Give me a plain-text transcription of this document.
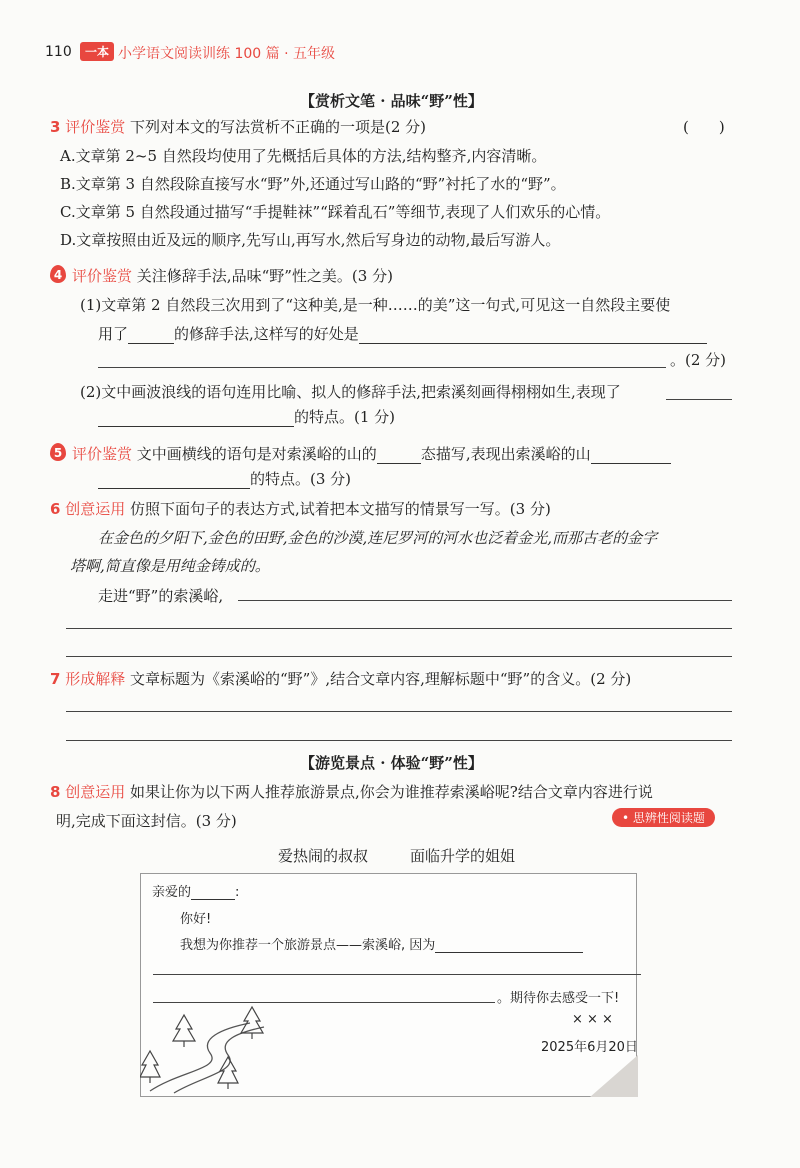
110	一本 小学语文阅读训练 100 篇 · 五年级
【赏析文笔 · 品味“野”性】
3 评价鉴赏 下列对本文的写法赏析不正确的一项是(2 分)	(　　)
A.文章第 2~5 自然段均使用了先概括后具体的方法,结构整齐,内容清晰。
B.文章第 3 自然段除直接写水“野”外,还通过写山路的“野”衬托了水的“野”。
C.文章第 5 自然段通过描写“手提鞋袜”“踩着乱石”等细节,表现了人们欢乐的心情。
D.文章按照由近及远的顺序,先写山,再写水,然后写身边的动物,最后写游人。
4 评价鉴赏 关注修辞手法,品味“野”性之美。(3 分)
(1)文章第 2 自然段三次用到了“这种美,是一种……的美”这一句式,可见这一自然段主要使
用了	的修辞手法,这样写的好处是
。(2 分)
(2)文中画波浪线的语句连用比喻、拟人的修辞手法,把索溪刻画得栩栩如生,表现了
的特点。(1 分)
5 评价鉴赏 文中画横线的语句是对索溪峪的山的	态描写,表现出索溪峪的山
的特点。(3 分)
6 创意运用 仿照下面句子的表达方式,试着把本文描写的情景写一写。(3 分)
在金色的夕阳下,金色的田野,金色的沙漠,连尼罗河的河水也泛着金光,而那古老的金字
塔啊,简直像是用纯金铸成的。
走进“野”的索溪峪,
7 形成解释 文章标题为《索溪峪的“野”》,结合文章内容,理解标题中“野”的含义。(2 分)
【游览景点 · 体验“野”性】
8 创意运用 如果让你为以下两人推荐旅游景点,你会为谁推荐索溪峪呢?结合文章内容进行说
明,完成下面这封信。(3 分)	• 思辨性阅读题
爱热闹的叔叔	面临升学的姐姐
亲爱的	:
你好!
我想为你推荐一个旅游景点——索溪峪, 因为
。期待你去感受一下!
× × ×
2025年6月20日
